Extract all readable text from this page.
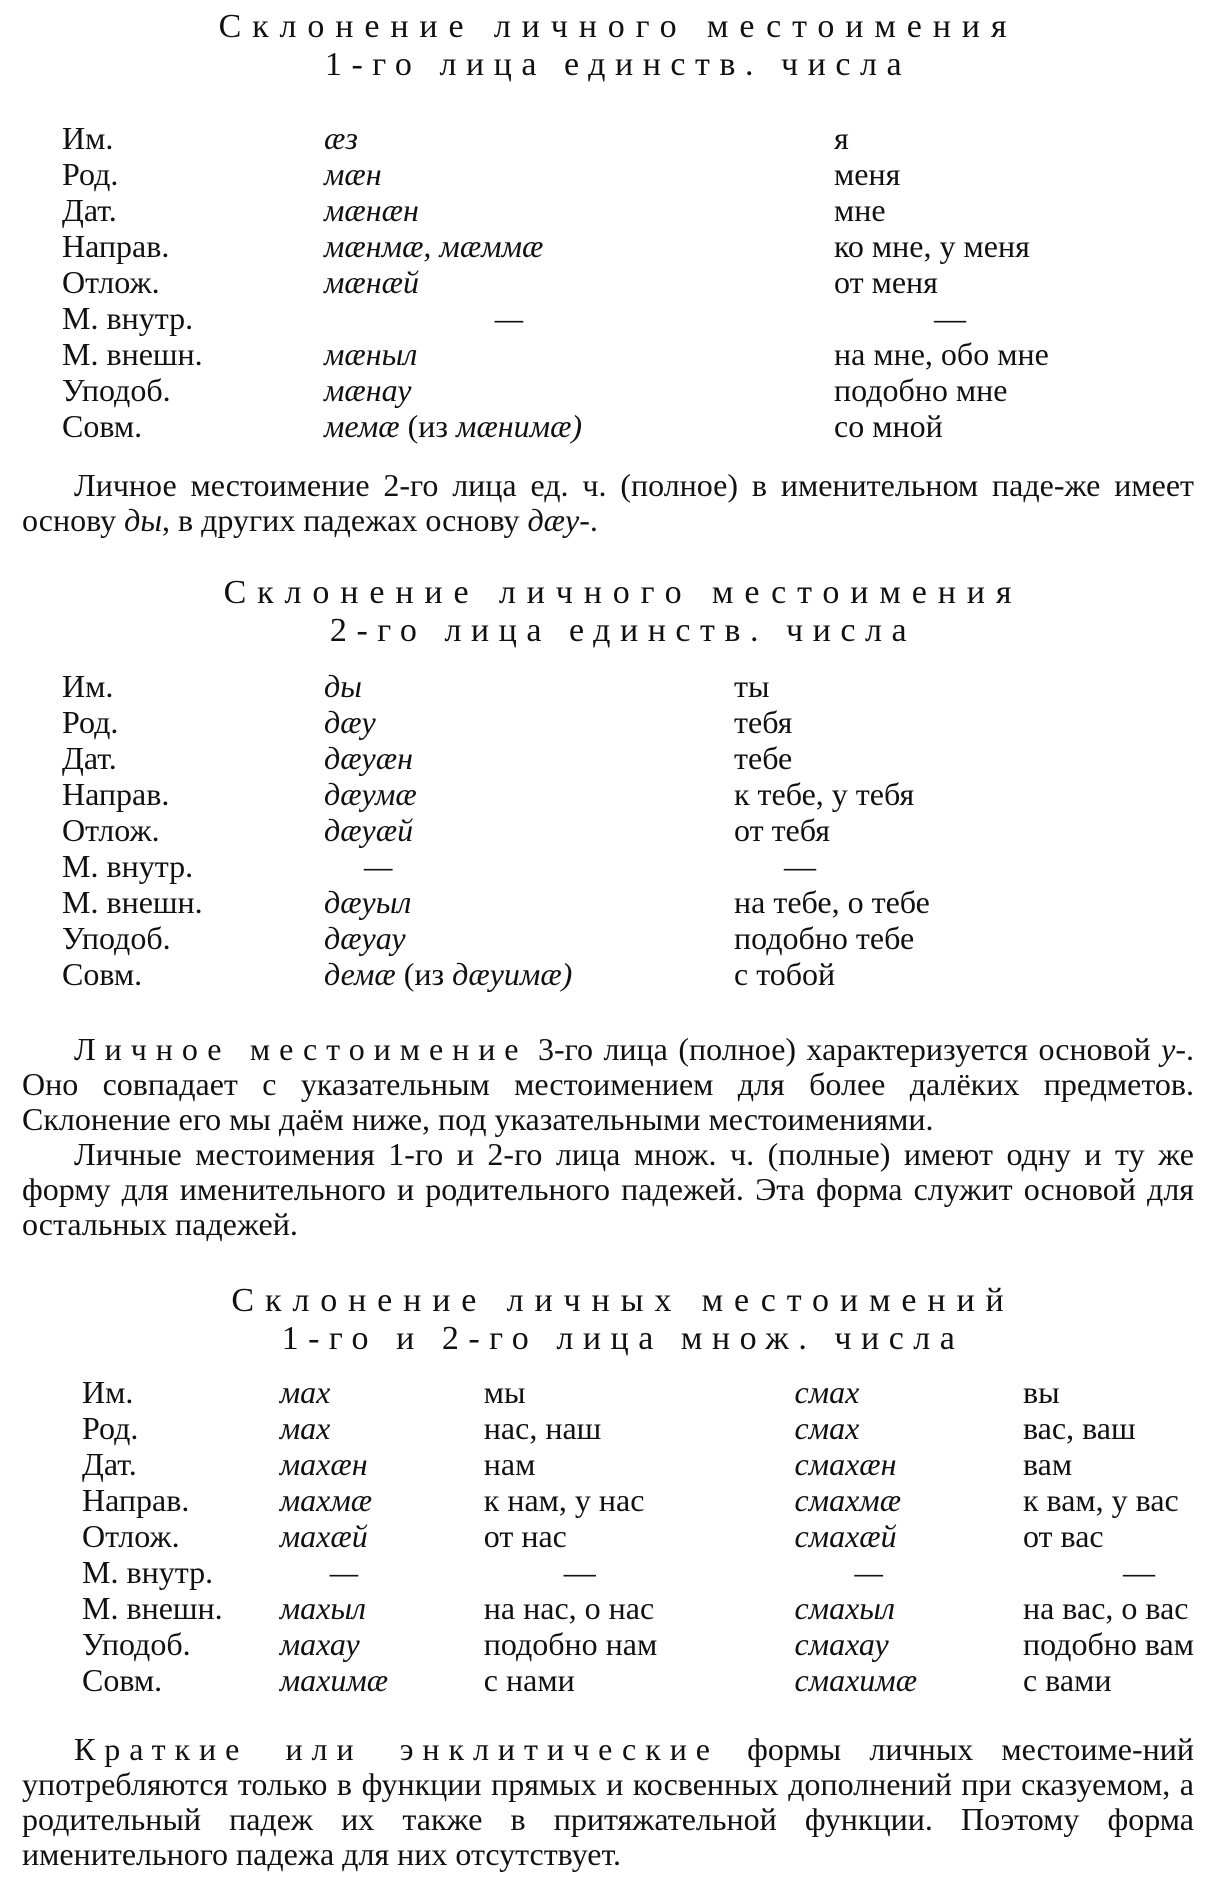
Склонение личного местоимения

1-го лица единств. числа

Им.	æз	я
Род.	мæн	меня
Дат.	мæнæн	мне
Направ.	мæнмæ, мæммæ	ко мне, у меня
Отлож.	мæнæй	от меня
М. внутр.	—	—
М. внешн.	мæныл	на мне, обо мне
Уподоб.	мæнау	подобно мне
Совм.	мемæ (из мæнимæ)	со мной

Личное местоимение 2-го лица ед. ч. (полное) в именительном паде-же имеет основу ды, в других падежах основу дæу-.

Склонение личного местоимения

2-го лица единств. числа

Им.	ды	ты
Род.	дæу	тебя
Дат.	дæуæн	тебе
Направ.	дæумæ	к тебе, у тебя
Отлож.	дæуæй	от тебя
М. внутр.	—	—
М. внешн.	дæуыл	на тебе, о тебе
Уподоб.	дæуау	подобно тебе
Совм.	демæ (из дæуимæ)	с тобой

Личное местоимение 3-го лица (полное) характеризуется основой у-. Оно совпадает с указательным местоимением для более далёких предметов. Склонение его мы даём ниже, под указательными местоимениями.

Личные местоимения 1-го и 2-го лица множ. ч. (полные) имеют одну и ту же форму для именительного и родительного падежей. Эта форма служит основой для остальных падежей.

Склонение личных местоимений

1-го и 2-го лица множ. числа

Им.	мах	мы	смах	вы
Род.	мах	нас, наш	смах	вас, ваш
Дат.	махæн	нам	смахæн	вам
Направ.	махмæ	к нам, у нас	смахмæ	к вам, у вас
Отлож.	махæй	от нас	смахæй	от вас
М. внутр.	—	—	—	—
М. внешн.	махыл	на нас, о нас	смахыл	на вас, о вас
Уподоб.	махау	подобно нам	смахау	подобно вам
Совм.	махимæ	с нами	смахимæ	с вами

Краткие или энклитические формы личных местоиме-ний употребляются только в функции прямых и косвенных дополнений при сказуемом, а родительный падеж их также в притяжательной функции. Поэтому форма именительного падежа для них отсутствует.
